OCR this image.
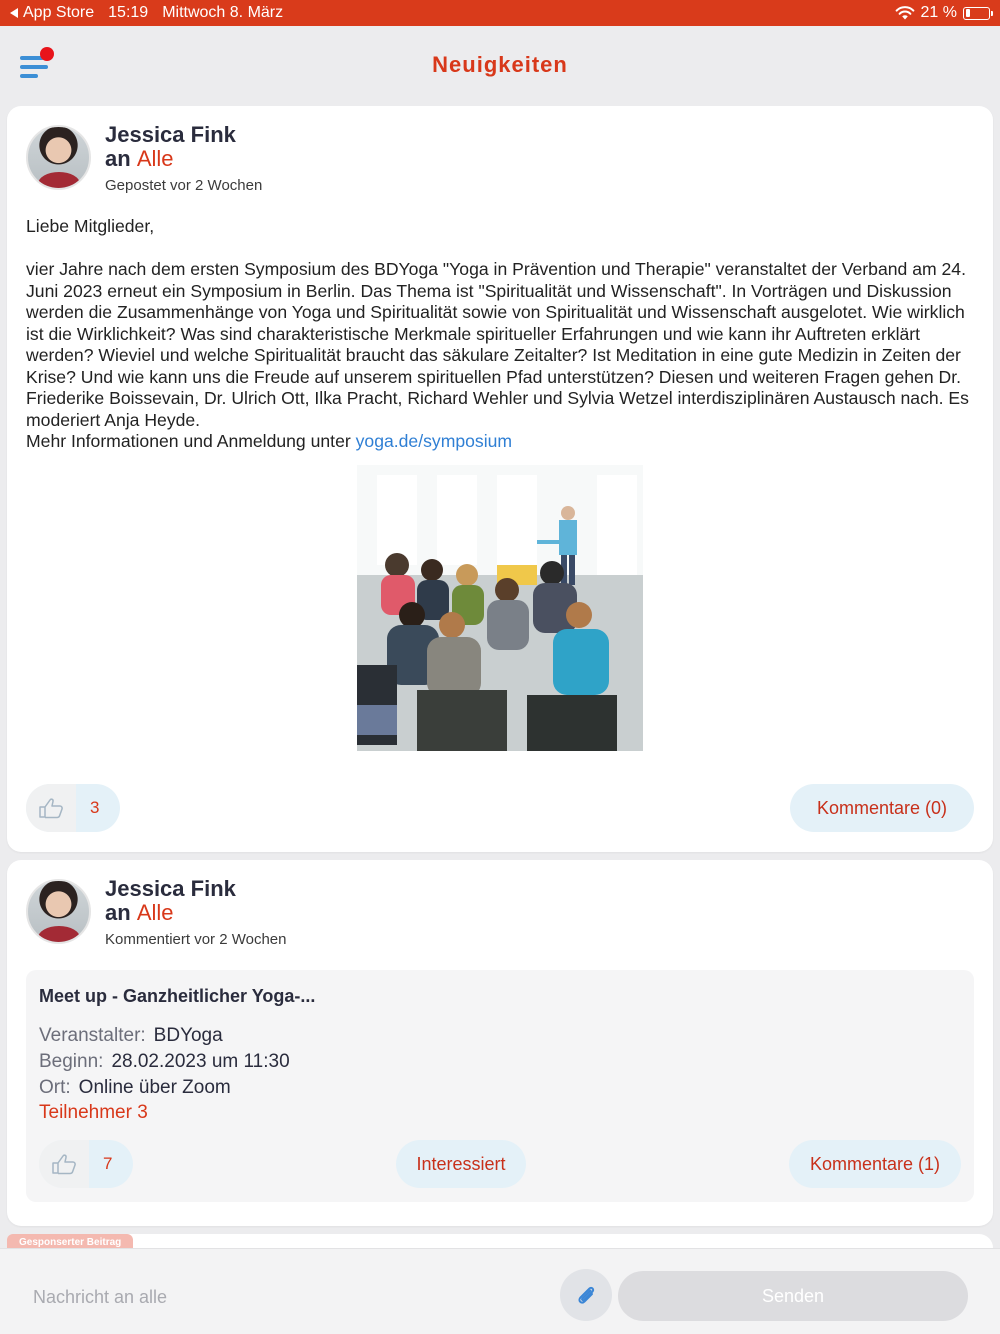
App Store 15:19 Mittwoch 8. März	21 %
Neuigkeiten
Jessica Fink
an Alle
Gepostet vor 2 Wochen

Liebe Mitglieder,

vier Jahre nach dem ersten Symposium des BDYoga "Yoga in Prävention und Therapie" veranstaltet der Verband am 24. Juni 2023 erneut ein Symposium in Berlin. Das Thema ist "Spiritualität und Wissenschaft". In Vorträgen und Diskussion werden die Zusammenhänge von Yoga und Spiritualität sowie von Spiritualität und Wissenschaft ausgelotet. Wie wirklich ist die Wirklichkeit? Was sind charakteristische Merkmale spiritueller Erfahrungen und wie kann ihr Auftreten erklärt werden? Wieviel und welche Spiritualität braucht das säkulare Zeitalter? Ist Meditation in eine gute Medizin in Zeiten der Krise? Und wie kann uns die Freude auf unserem spirituellen Pfad unterstützen? Diesen und weiteren Fragen gehen Dr. Friederike Boissevain, Dr. Ulrich Ott, Ilka Pracht, Richard Wehler und Sylvia Wetzel interdisziplinären Austausch nach. Es moderiert Anja Heyde.
Mehr Informationen und Anmeldung unter yoga.de/symposium

3	Kommentare (0)
Jessica Fink
an Alle
Kommentiert vor 2 Wochen
Meet up - Ganzheitlicher Yoga-...
Veranstalter: BDYoga
Beginn: 28.02.2023 um 11:30
Ort: Online über Zoom
Teilnehmer 3
7	Interessiert	Kommentare (1)
Gesponserter Beitrag
Nachricht an alle	Senden
